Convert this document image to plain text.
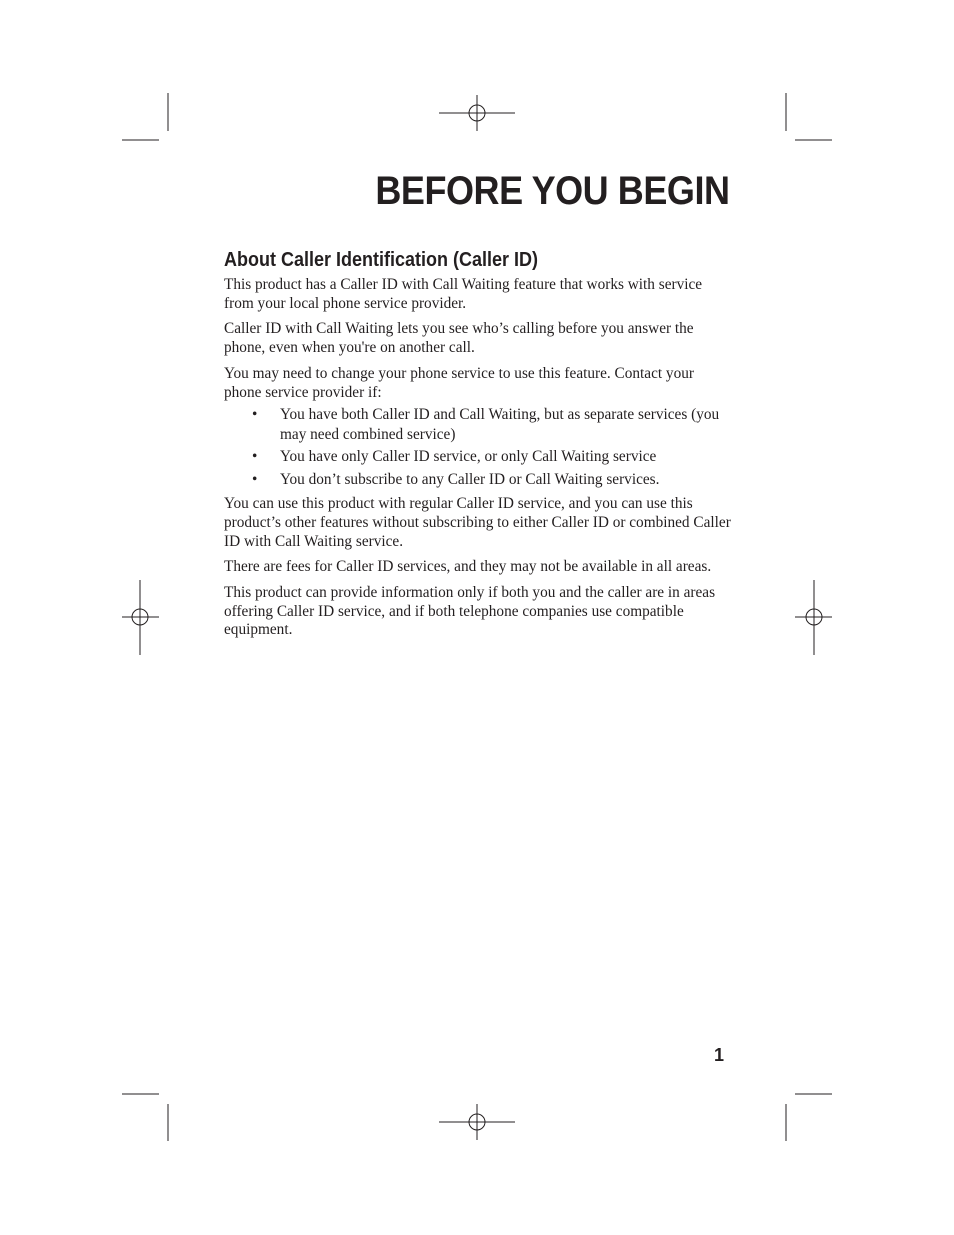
BEFORE YOU BEGIN
About Caller Identification (Caller ID)

This product has a Caller ID with Call Waiting feature that works with service from your local phone service provider.

Caller ID with Call Waiting lets you see who’s calling before you answer the phone, even when you're on another call.

You may need to change your phone service to use this feature. Contact your phone service provider if:

• You have both Caller ID and Call Waiting, but as separate services (you may need combined service)
• You have only Caller ID service, or only Call Waiting service
• You don’t subscribe to any Caller ID or Call Waiting services.

You can use this product with regular Caller ID service, and you can use this product’s other features without subscribing to either Caller ID or combined Caller ID with Call Waiting service.

There are fees for Caller ID services, and they may not be available in all areas.

This product can provide information only if both you and the caller are in areas offering Caller ID service, and if both telephone companies use compatible equipment.

1
